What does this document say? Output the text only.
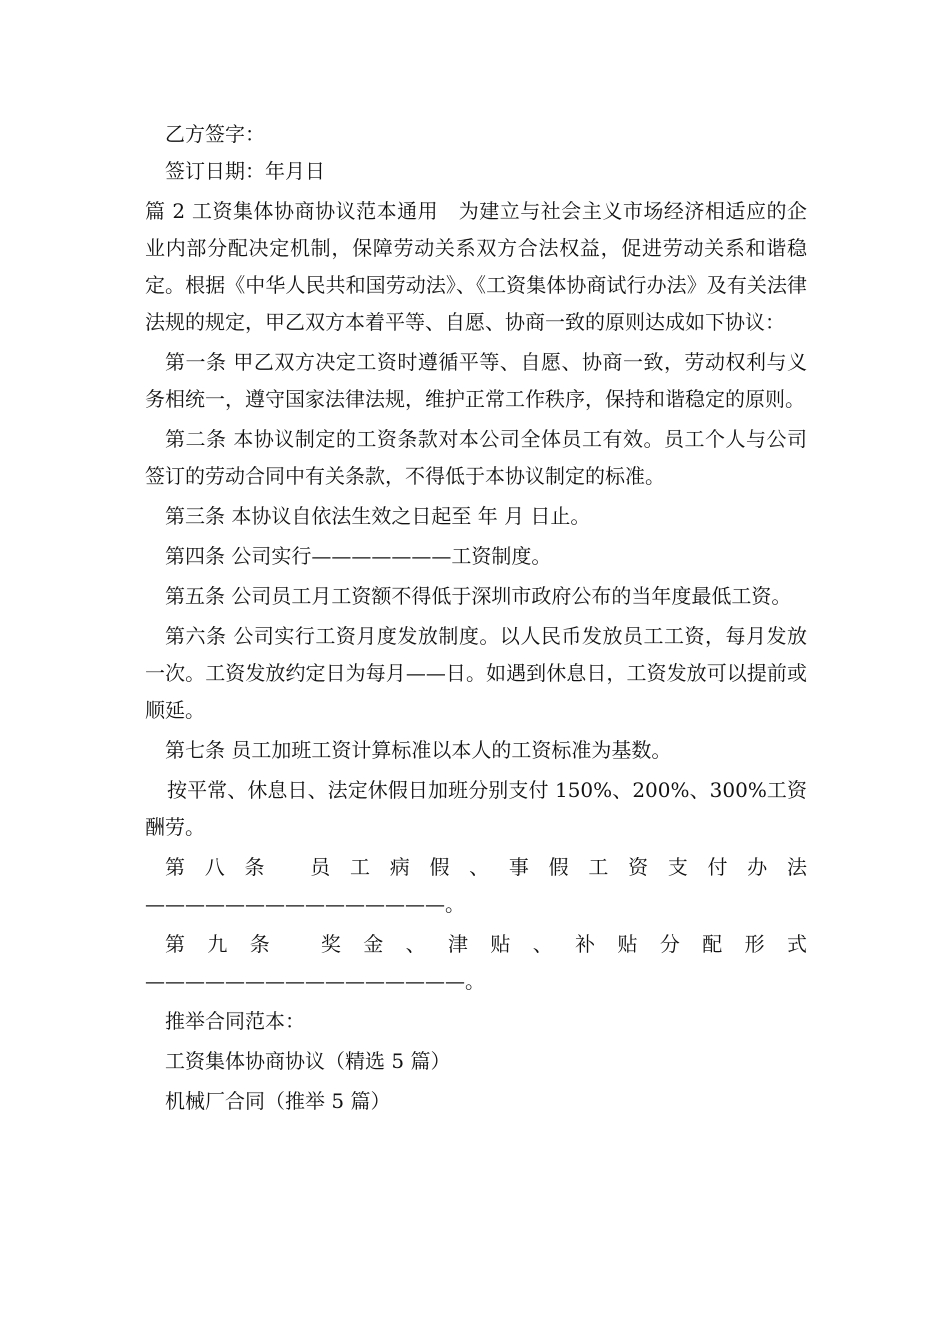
乙方签字：

签订日期：年月日

篇 2 工资集体协商协议范本通用　为建立与社会主义市场经济相适应的企业内部分配决定机制，保障劳动关系双方合法权益，促进劳动关系和谐稳定。根据《中华人民共和国劳动法》、《工资集体协商试行办法》及有关法律法规的规定，甲乙双方本着平等、自愿、协商一致的原则达成如下协议：

第一条 甲乙双方决定工资时遵循平等、自愿、协商一致，劳动权利与义务相统一，遵守国家法律法规，维护正常工作秩序，保持和谐稳定的原则。

第二条 本协议制定的工资条款对本公司全体员工有效。员工个人与公司签订的劳动合同中有关条款，不得低于本协议制定的标准。

第三条 本协议自依法生效之日起至 年 月 日止。

第四条 公司实行———————工资制度。

第五条 公司员工月工资额不得低于深圳市政府公布的当年度最低工资。

第六条 公司实行工资月度发放制度。以人民币发放员工工资，每月发放一次。工资发放约定日为每月——日。如遇到休息日，工资发放可以提前或顺延。

第七条 员工加班工资计算标准以本人的工资标准为基数。

按平常、休息日、法定休假日加班分别支付 150%、200%、300%工资酬劳。

第八条 员工病假、事假工资支付办法———————————————。

第九条 奖金、津贴、补贴分配形式————————————————。

推举合同范本：

工资集体协商协议（精选 5 篇）

机械厂合同（推举 5 篇）
